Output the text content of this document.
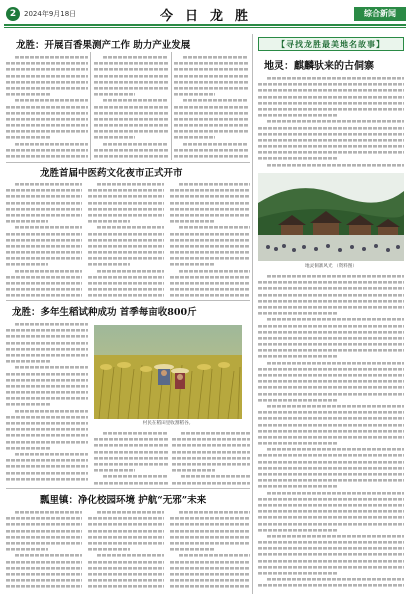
2	2024年9月18日	今日龙胜	综合新闻
龙胜：开展百香果测产工作 助力产业发展
龙胜首届中医药文化夜市正式开市
龙胜：多年生稻试种成功 首季每亩收800斤
村民在稻田里收割稻谷。
瓢里镇：净化校园环境 护航“无邪”未来
【寻找龙胜最美地名故事】
地灵：麒麟驮来的古侗寨
地灵侗寨风光 （资料图）
